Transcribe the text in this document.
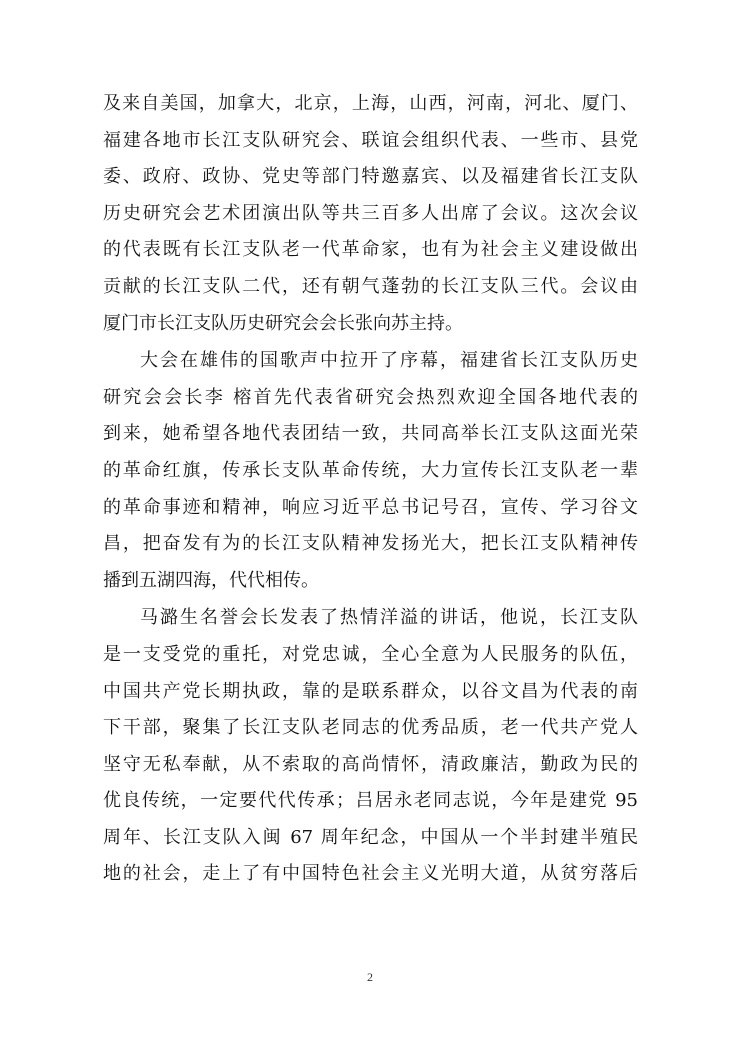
及来自美国，加拿大，北京，上海，山西，河南，河北、厦门、
福建各地市长江支队研究会、联谊会组织代表、一些市、县党
委、政府、政协、党史等部门特邀嘉宾、以及福建省长江支队
历史研究会艺术团演出队等共三百多人出席了会议。这次会议
的代表既有长江支队老一代革命家，也有为社会主义建设做出
贡献的长江支队二代，还有朝气蓬勃的长江支队三代。会议由
厦门市长江支队历史研究会会长张向苏主持。
大会在雄伟的国歌声中拉开了序幕，福建省长江支队历史
研究会会长李 榕首先代表省研究会热烈欢迎全国各地代表的
到来，她希望各地代表团结一致，共同高举长江支队这面光荣
的革命红旗，传承长支队革命传统，大力宣传长江支队老一辈
的革命事迹和精神，响应习近平总书记号召，宣传、学习谷文
昌，把奋发有为的长江支队精神发扬光大，把长江支队精神传
播到五湖四海，代代相传。
马潞生名誉会长发表了热情洋溢的讲话，他说，长江支队
是一支受党的重托，对党忠诚，全心全意为人民服务的队伍，
中国共产党长期执政，靠的是联系群众，以谷文昌为代表的南
下干部，聚集了长江支队老同志的优秀品质，老一代共产党人
坚守无私奉献，从不索取的高尚情怀，清政廉洁，勤政为民的
优良传统，一定要代代传承；吕居永老同志说，今年是建党 95
周年、长江支队入闽 67 周年纪念，中国从一个半封建半殖民
地的社会，走上了有中国特色社会主义光明大道，从贫穷落后
2
